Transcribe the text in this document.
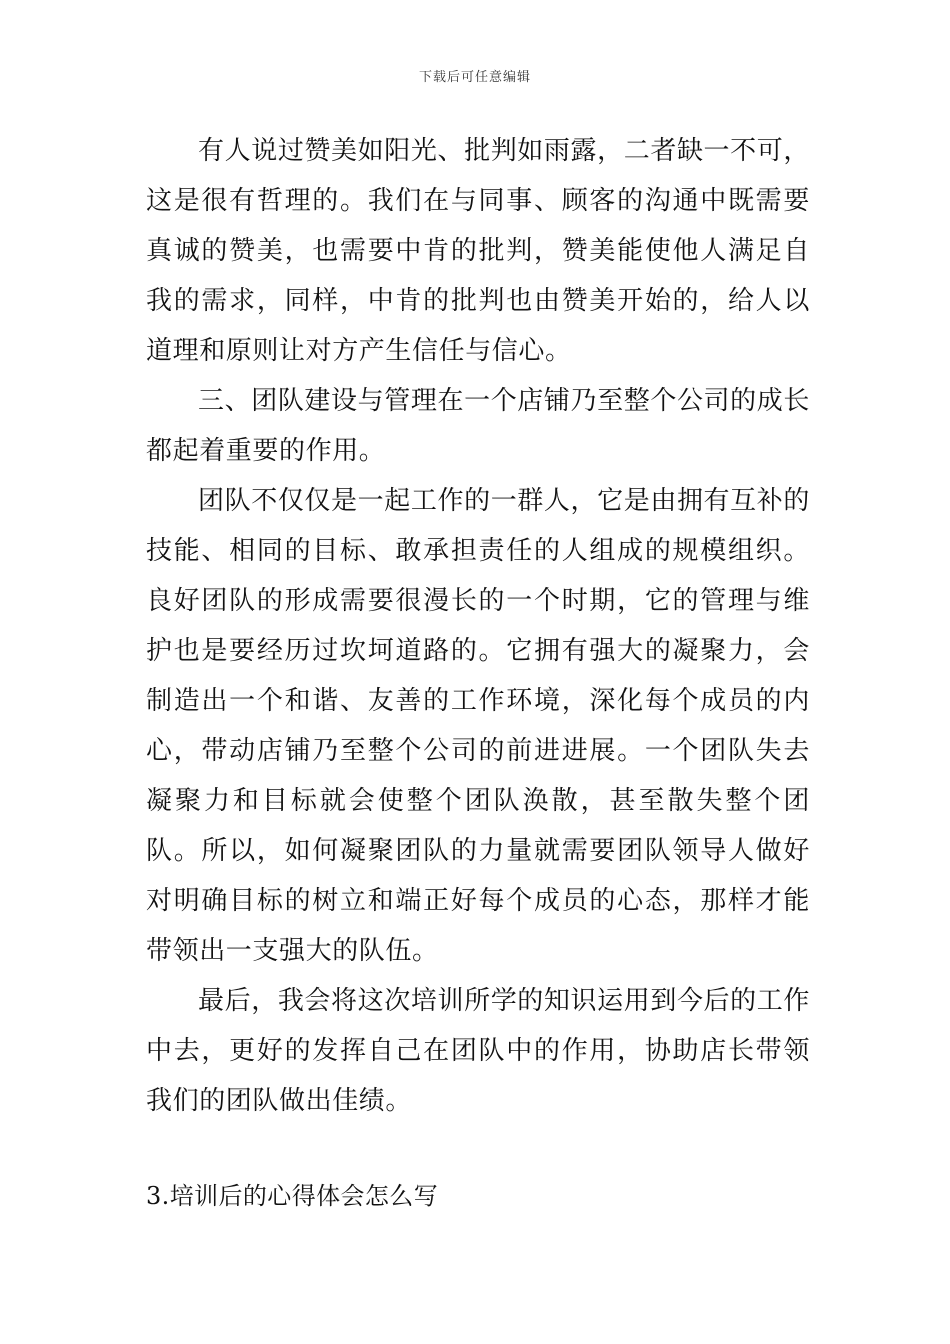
下载后可任意编辑

有人说过赞美如阳光、批判如雨露，二者缺一不可，这是很有哲理的。我们在与同事、顾客的沟通中既需要真诚的赞美，也需要中肯的批判，赞美能使他人满足自我的需求，同样，中肯的批判也由赞美开始的，给人以道理和原则让对方产生信任与信心。

三、团队建设与管理在一个店铺乃至整个公司的成长都起着重要的作用。

团队不仅仅是一起工作的一群人，它是由拥有互补的技能、相同的目标、敢承担责任的人组成的规模组织。良好团队的形成需要很漫长的一个时期，它的管理与维护也是要经历过坎坷道路的。它拥有强大的凝聚力，会制造出一个和谐、友善的工作环境，深化每个成员的内心，带动店铺乃至整个公司的前进进展。一个团队失去凝聚力和目标就会使整个团队涣散，甚至散失整个团队。所以，如何凝聚团队的力量就需要团队领导人做好对明确目标的树立和端正好每个成员的心态，那样才能带领出一支强大的队伍。

最后，我会将这次培训所学的知识运用到今后的工作中去，更好的发挥自己在团队中的作用，协助店长带领我们的团队做出佳绩。

3.培训后的心得体会怎么写
